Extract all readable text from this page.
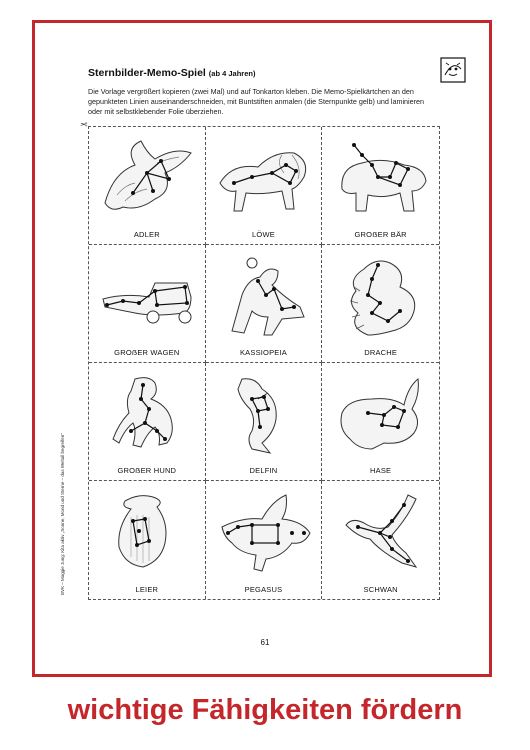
Sternbilder-Memo-Spiel (ab 4 Jahren)
Die Vorlage vergrößert kopieren (zwei Mal) und auf Tonkarton kleben. Die Memo-Spielkärtchen an den gepunkteten Linien auseinanderschneiden, mit Buntstiften anmalen (die Sternpunkte gelb) und laminieren oder mit selbstklebender Folie überziehen.
✂
ADLER	LÖWE	GROẞER BÄR
GROẞER WAGEN	KASSIOPEIA	DRACHE
GROẞER HUND	DELFIN	HASE
LEIER	PEGASUS	SCHWAN
BVK – Maggie Jung: Kita aktiv „Sonne, Mond und Sterne – das Weltall begreifen“
61
wichtige Fähigkeiten fördern
